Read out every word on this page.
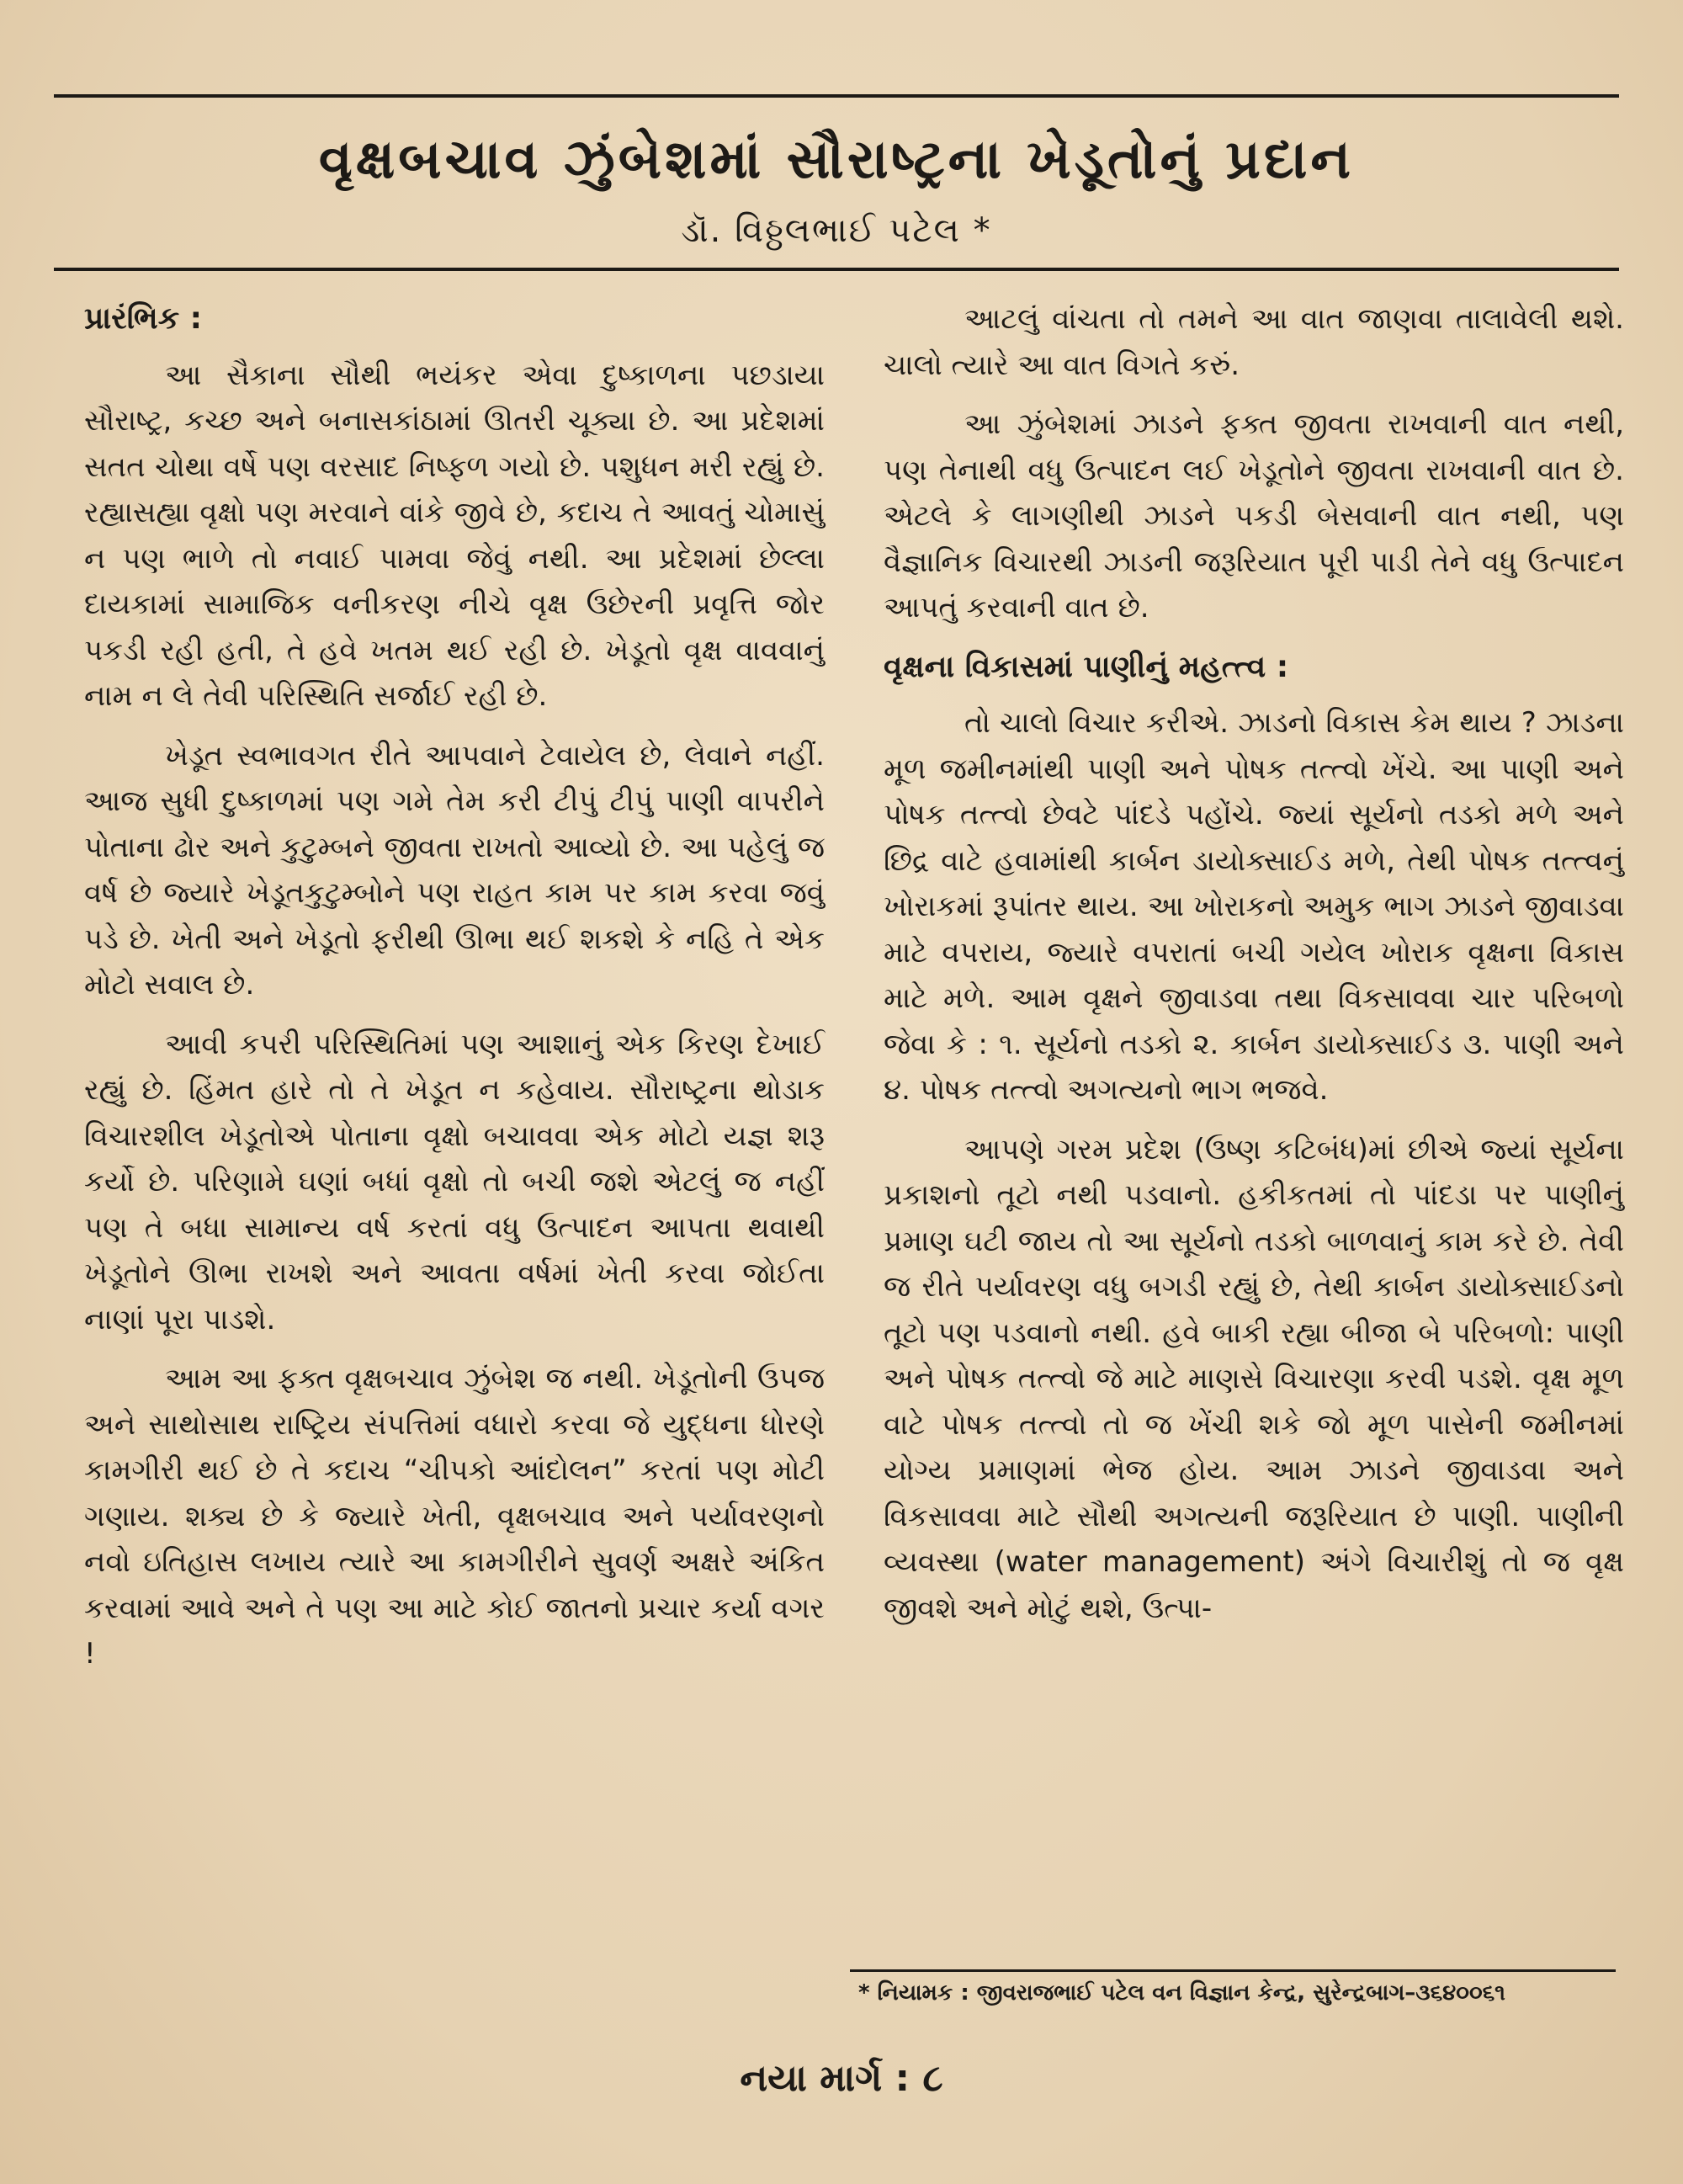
વૃક્ષબચાવ ઝુંબેશમાં સૌરાષ્ટ્રના ખેડૂતોનું પ્રદાન
ડૉ. વિઠ્ઠલભાઈ પટેલ *
પ્રારંભિક :

આ સૈકાના સૌથી ભયંકર એવા દુષ્કાળના પછડાયા સૌરાષ્ટ્ર, કચ્છ અને બનાસકાંઠામાં ઊતરી ચૂક્યા છે. આ પ્રદેશમાં સતત ચોથા વર્ષે પણ વરસાદ નિષ્ફળ ગયો છે. પશુધન મરી રહ્યું છે. રહ્યાસહ્યા વૃક્ષો પણ મરવાને વાંકે જીવે છે, કદાચ તે આવતું ચોમાસું ન પણ ભાળે તો નવાઈ પામવા જેવું નથી. આ પ્રદેશમાં છેલ્લા દાયકામાં સામાજિક વનીકરણ નીચે વૃક્ષ ઉછેરની પ્રવૃત્તિ જોર પકડી રહી હતી, તે હવે ખતમ થઈ રહી છે. ખેડૂતો વૃક્ષ વાવવાનું નામ ન લે તેવી પરિસ્થિતિ સર્જાઈ રહી છે.

ખેડૂત સ્વભાવગત રીતે આપવાને ટેવાયેલ છે, લેવાને નહીં. આજ સુધી દુષ્કાળમાં પણ ગમે તેમ કરી ટીપું ટીપું પાણી વાપરીને પોતાના ઢોર અને કુટુમ્બને જીવતા રાખતો આવ્યો છે. આ પહેલું જ વર્ષ છે જ્યારે ખેડૂતકુટુમ્બોને પણ રાહત કામ પર કામ કરવા જવું પડે છે. ખેતી અને ખેડૂતો ફરીથી ઊભા થઈ શકશે કે નહિ તે એક મોટો સવાલ છે.

આવી કપરી પરિસ્થિતિમાં પણ આશાનું એક કિરણ દેખાઈ રહ્યું છે. હિંમત હારે તો તે ખેડૂત ન કહેવાય. સૌરાષ્ટ્રના થોડાક વિચારશીલ ખેડૂતોએ પોતાના વૃક્ષો બચાવવા એક મોટો યજ્ઞ શરૂ કર્યો છે. પરિણામે ઘણાં બધાં વૃક્ષો તો બચી જશે એટલું જ નહીં પણ તે બધા સામાન્ય વર્ષ કરતાં વધુ ઉત્પાદન આપતા થવાથી ખેડૂતોને ઊભા રાખશે અને આવતા વર્ષમાં ખેતી કરવા જોઈતા નાણાં પૂરા પાડશે.

આમ આ ફક્ત વૃક્ષબચાવ ઝુંબેશ જ નથી. ખેડૂતોની ઉપજ અને સાથોસાથ રાષ્ટ્રિય સંપત્તિમાં વધારો કરવા જે યુદ્ધના ધોરણે કામગીરી થઈ છે તે કદાચ “ચીપકો આંદોલન” કરતાં પણ મોટી ગણાય. શક્ય છે કે જ્યારે ખેતી, વૃક્ષબચાવ અને પર્યાવરણનો નવો ઇતિહાસ લખાય ત્યારે આ કામગીરીને સુવર્ણ અક્ષરે અંકિત કરવામાં આવે અને તે પણ આ માટે કોઈ જાતનો પ્રચાર કર્યા વગર !

આટલું વાંચતા તો તમને આ વાત જાણવા તાલાવેલી થશે. ચાલો ત્યારે આ વાત વિગતે કરું.

આ ઝુંબેશમાં ઝાડને ફક્ત જીવતા રાખવાની વાત નથી, પણ તેનાથી વધુ ઉત્પાદન લઈ ખેડૂતોને જીવતા રાખવાની વાત છે. એટલે કે લાગણીથી ઝાડને પકડી બેસવાની વાત નથી, પણ વૈજ્ઞાનિક વિચારથી ઝાડની જરૂરિયાત પૂરી પાડી તેને વધુ ઉત્પાદન આપતું કરવાની વાત છે.

વૃક્ષના વિકાસમાં પાણીનું મહત્ત્વ :

તો ચાલો વિચાર કરીએ. ઝાડનો વિકાસ કેમ થાય ? ઝાડના મૂળ જમીનમાંથી પાણી અને પોષક તત્ત્વો ખેંચે. આ પાણી અને પોષક તત્ત્વો છેવટે પાંદડે પહોંચે. જ્યાં સૂર્યનો તડકો મળે અને છિદ્ર વાટે હવામાંથી કાર્બન ડાયોક્સાઈડ મળે, તેથી પોષક તત્ત્વનું ખોરાકમાં રૂપાંતર થાય. આ ખોરાકનો અમુક ભાગ ઝાડને જીવાડવા માટે વપરાય, જ્યારે વપરાતાં બચી ગયેલ ખોરાક વૃક્ષના વિકાસ માટે મળે. આમ વૃક્ષને જીવાડવા તથા વિકસાવવા ચાર પરિબળો જેવા કે : ૧. સૂર્યનો તડકો ૨. કાર્બન ડાયોક્સાઈડ ૩. પાણી અને ૪. પોષક તત્ત્વો અગત્યનો ભાગ ભજવે.

આપણે ગરમ પ્રદેશ (ઉષ્ણ કટિબંધ)માં છીએ જ્યાં સૂર્યના પ્રકાશનો તૂટો નથી પડવાનો. હકીકતમાં તો પાંદડા પર પાણીનું પ્રમાણ ઘટી જાય તો આ સૂર્યનો તડકો બાળવાનું કામ કરે છે. તેવી જ રીતે પર્યાવરણ વધુ બગડી રહ્યું છે, તેથી કાર્બન ડાયોક્સાઈડનો તૂટો પણ પડવાનો નથી. હવે બાકી રહ્યા બીજા બે પરિબળો: પાણી અને પોષક તત્ત્વો જે માટે માણસે વિચારણા કરવી પડશે. વૃક્ષ મૂળ વાટે પોષક તત્ત્વો તો જ ખેંચી શકે જો મૂળ પાસેની જમીનમાં યોગ્ય પ્રમાણમાં ભેજ હોય. આમ ઝાડને જીવાડવા અને વિકસાવવા માટે સૌથી અગત્યની જરૂરિયાત છે પાણી. પાણીની વ્યવસ્થા (water management) અંગે વિચારીશું તો જ વૃક્ષ જીવશે અને મોટું થશે, ઉત્પા-

* નિયામક : જીવરાજભાઈ પટેલ વન વિજ્ઞાન કેન્દ્ર, સુરેન્દ્રબાગ–૩૬૪૦૦૬૧
નયા માર્ગ : ૮
